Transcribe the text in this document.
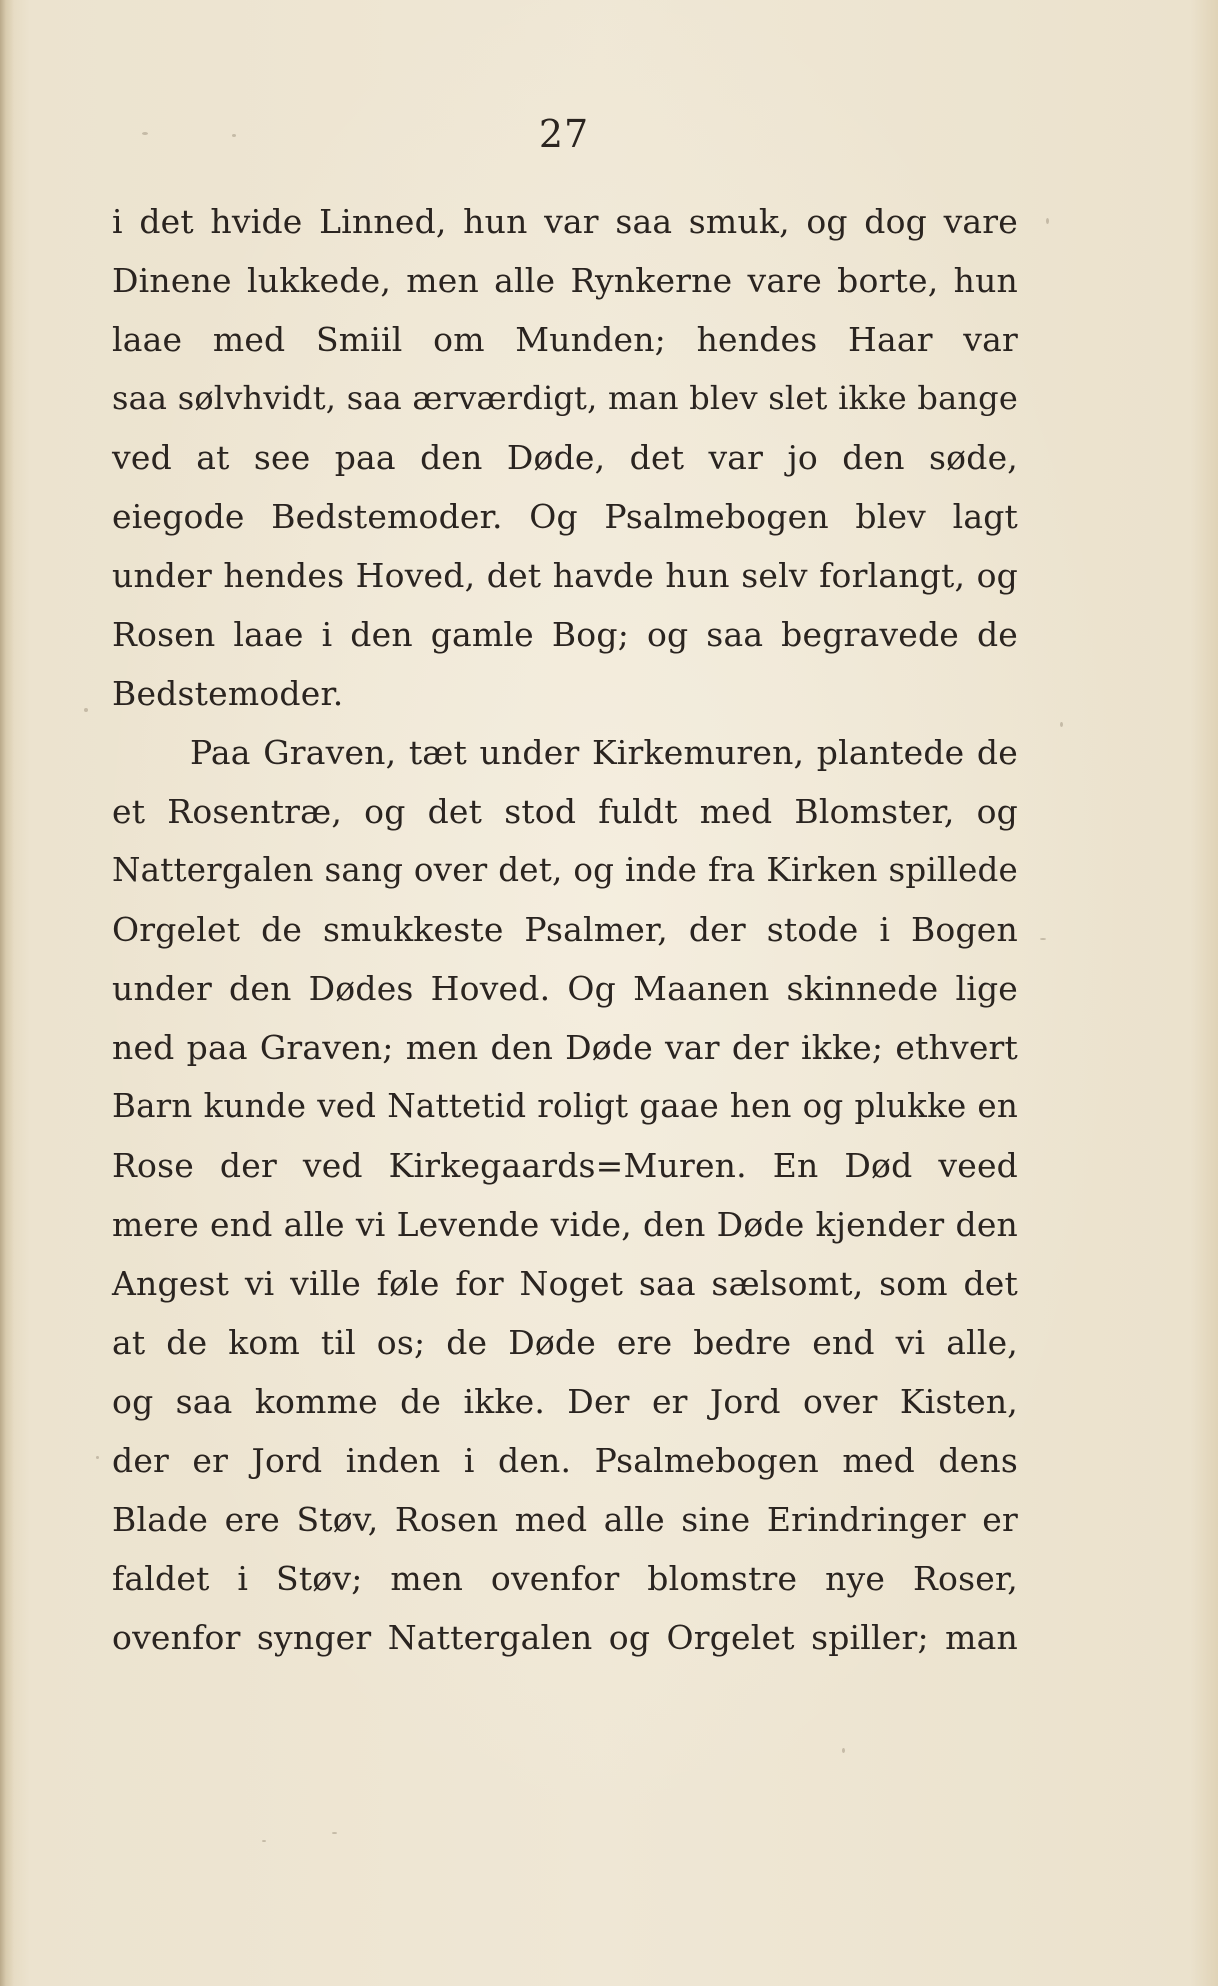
27
i det hvide Linned, hun var saa smuk, og dog vare
Dinene lukkede, men alle Rynkerne vare borte, hun
laae med Smiil om Munden; hendes Haar var
saa sølvhvidt, saa ærværdigt, man blev slet ikke bange
ved at see paa den Døde, det var jo den søde,
eiegode Bedstemoder. Og Psalmebogen blev lagt
under hendes Hoved, det havde hun selv forlangt, og
Rosen laae i den gamle Bog; og saa begravede de
Bedstemoder.
Paa Graven, tæt under Kirkemuren, plantede de
et Rosentræ, og det stod fuldt med Blomster, og
Nattergalen sang over det, og inde fra Kirken spillede
Orgelet de smukkeste Psalmer, der stode i Bogen
under den Dødes Hoved. Og Maanen skinnede lige
ned paa Graven; men den Døde var der ikke; ethvert
Barn kunde ved Nattetid roligt gaae hen og plukke en
Rose der ved Kirkegaards=Muren. En Død veed
mere end alle vi Levende vide, den Døde kjender den
Angest vi ville føle for Noget saa sælsomt, som det
at de kom til os; de Døde ere bedre end vi alle,
og saa komme de ikke. Der er Jord over Kisten,
der er Jord inden i den. Psalmebogen med dens
Blade ere Støv, Rosen med alle sine Erindringer er
faldet i Støv; men ovenfor blomstre nye Roser,
ovenfor synger Nattergalen og Orgelet spiller; man
